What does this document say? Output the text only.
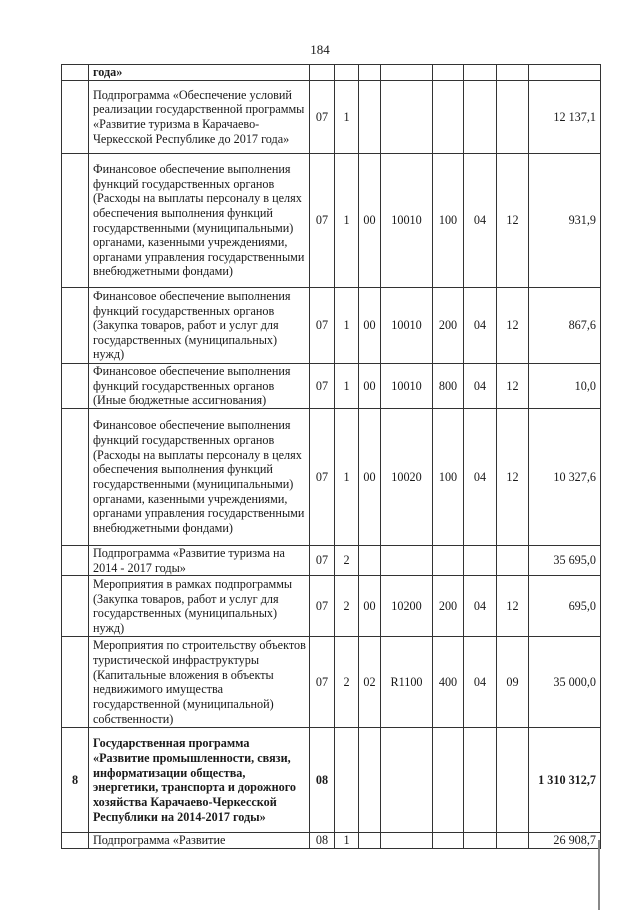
184
	года»								
	Подпрограмма «Обеспечение условий реализации государственной программы «Развитие туризма в Карачаево-Черкесской Республике до 2017 года»	07	1						12 137,1
	Финансовое обеспечение выполнения функций государственных органов (Расходы на выплаты персоналу в целях обеспечения выполнения функций государственными (муниципальными) органами, казенными учреждениями, органами управления государственными внебюджетными фондами)	07	1	00	10010	100	04	12	931,9
	Финансовое обеспечение выполнения функций государственных органов (Закупка товаров, работ и услуг для государственных (муниципальных) нужд)	07	1	00	10010	200	04	12	867,6
	Финансовое обеспечение выполнения функций государственных органов (Иные бюджетные ассигнования)	07	1	00	10010	800	04	12	10,0
	Финансовое обеспечение выполнения функций государственных органов (Расходы на выплаты персоналу в целях обеспечения выполнения функций государственными (муниципальными) органами, казенными учреждениями, органами управления государственными внебюджетными фондами)	07	1	00	10020	100	04	12	10 327,6
	Подпрограмма «Развитие туризма на 2014 - 2017 годы»	07	2						35 695,0
	Мероприятия в рамках подпрограммы (Закупка товаров, работ и услуг для государственных (муниципальных) нужд)	07	2	00	10200	200	04	12	695,0
	Мероприятия по строительству объектов туристической инфраструктуры (Капитальные вложения в объекты недвижимого имущества государственной (муниципальной) собственности)	07	2	02	R1100	400	04	09	35 000,0
8	Государственная программа «Развитие промышленности, связи, информатизации общества, энергетики, транспорта и дорожного хозяйства Карачаево-Черкесской Республики на 2014-2017 годы»	08							1 310 312,7
	Подпрограмма «Развитие	08	1						26 908,7
